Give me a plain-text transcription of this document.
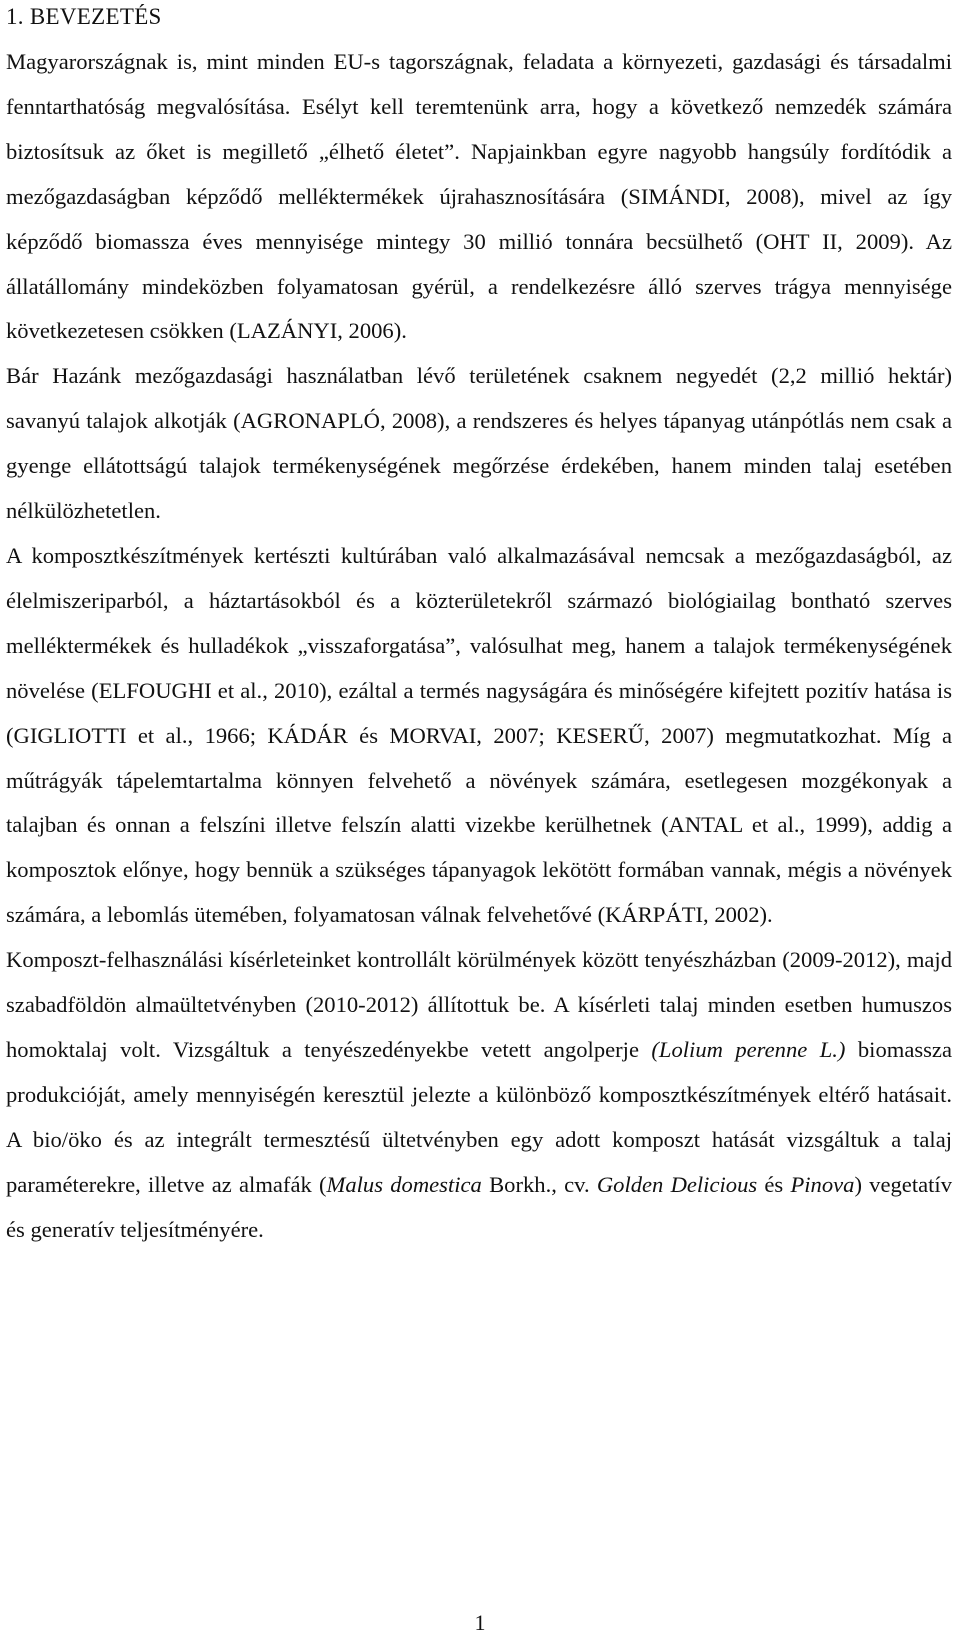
1. BEVEZETÉS

Magyarországnak is, mint minden EU-s tagországnak, feladata a környezeti, gazdasági és társadalmi fenntarthatóság megvalósítása. Esélyt kell teremtenünk arra, hogy a következő nemzedék számára biztosítsuk az őket is megillető „élhető életet”. Napjainkban egyre nagyobb hangsúly fordítódik a mezőgazdaságban képződő melléktermékek újrahasznosítására (SIMÁNDI, 2008), mivel az így képződő biomassza éves mennyisége mintegy 30 millió tonnára becsülhető (OHT II, 2009). Az állatállomány mindeközben folyamatosan gyérül, a rendelkezésre álló szerves trágya mennyisége következetesen csökken (LAZÁNYI, 2006).

Bár Hazánk mezőgazdasági használatban lévő területének csaknem negyedét (2,2 millió hektár) savanyú talajok alkotják (AGRONAPLÓ, 2008), a rendszeres és helyes tápanyag utánpótlás nem csak a gyenge ellátottságú talajok termékenységének megőrzése érdekében, hanem minden talaj esetében nélkülözhetetlen.

A komposztkészítmények kertészti kultúrában való alkalmazásával nemcsak a mezőgazdaságból, az élelmiszeriparból, a háztartásokból és a közterületekről származó biológiailag bontható szerves melléktermékek és hulladékok „visszaforgatása”, valósulhat meg, hanem a talajok termékenységének növelése (ELFOUGHI et al., 2010), ezáltal a termés nagyságára és minőségére kifejtett pozitív hatása is (GIGLIOTTI et al., 1966; KÁDÁR és MORVAI, 2007; KESERŰ, 2007) megmutatkozhat. Míg a műtrágyák tápelemtartalma könnyen felvehető a növények számára, esetlegesen mozgékonyak a talajban és onnan a felszíni illetve felszín alatti vizekbe kerülhetnek (ANTAL et al., 1999), addig a komposztok előnye, hogy bennük a szükséges tápanyagok lekötött formában vannak, mégis a növények számára, a lebomlás ütemében, folyamatosan válnak felvehetővé (KÁRPÁTI, 2002).

Komposzt-felhasználási kísérleteinket kontrollált körülmények között tenyészházban (2009-2012), majd szabadföldön almaültetvényben (2010-2012) állítottuk be. A kísérleti talaj minden esetben humuszos homoktalaj volt. Vizsgáltuk a tenyészedényekbe vetett angolperje (Lolium perenne L.) biomassza produkcióját, amely mennyiségén keresztül jelezte a különböző komposztkészítmények eltérő hatásait. A bio/öko és az integrált termesztésű ültetvényben egy adott komposzt hatását vizsgáltuk a talaj paraméterekre, illetve az almafák (Malus domestica Borkh., cv. Golden Delicious és Pinova) vegetatív és generatív teljesítményére.

1
